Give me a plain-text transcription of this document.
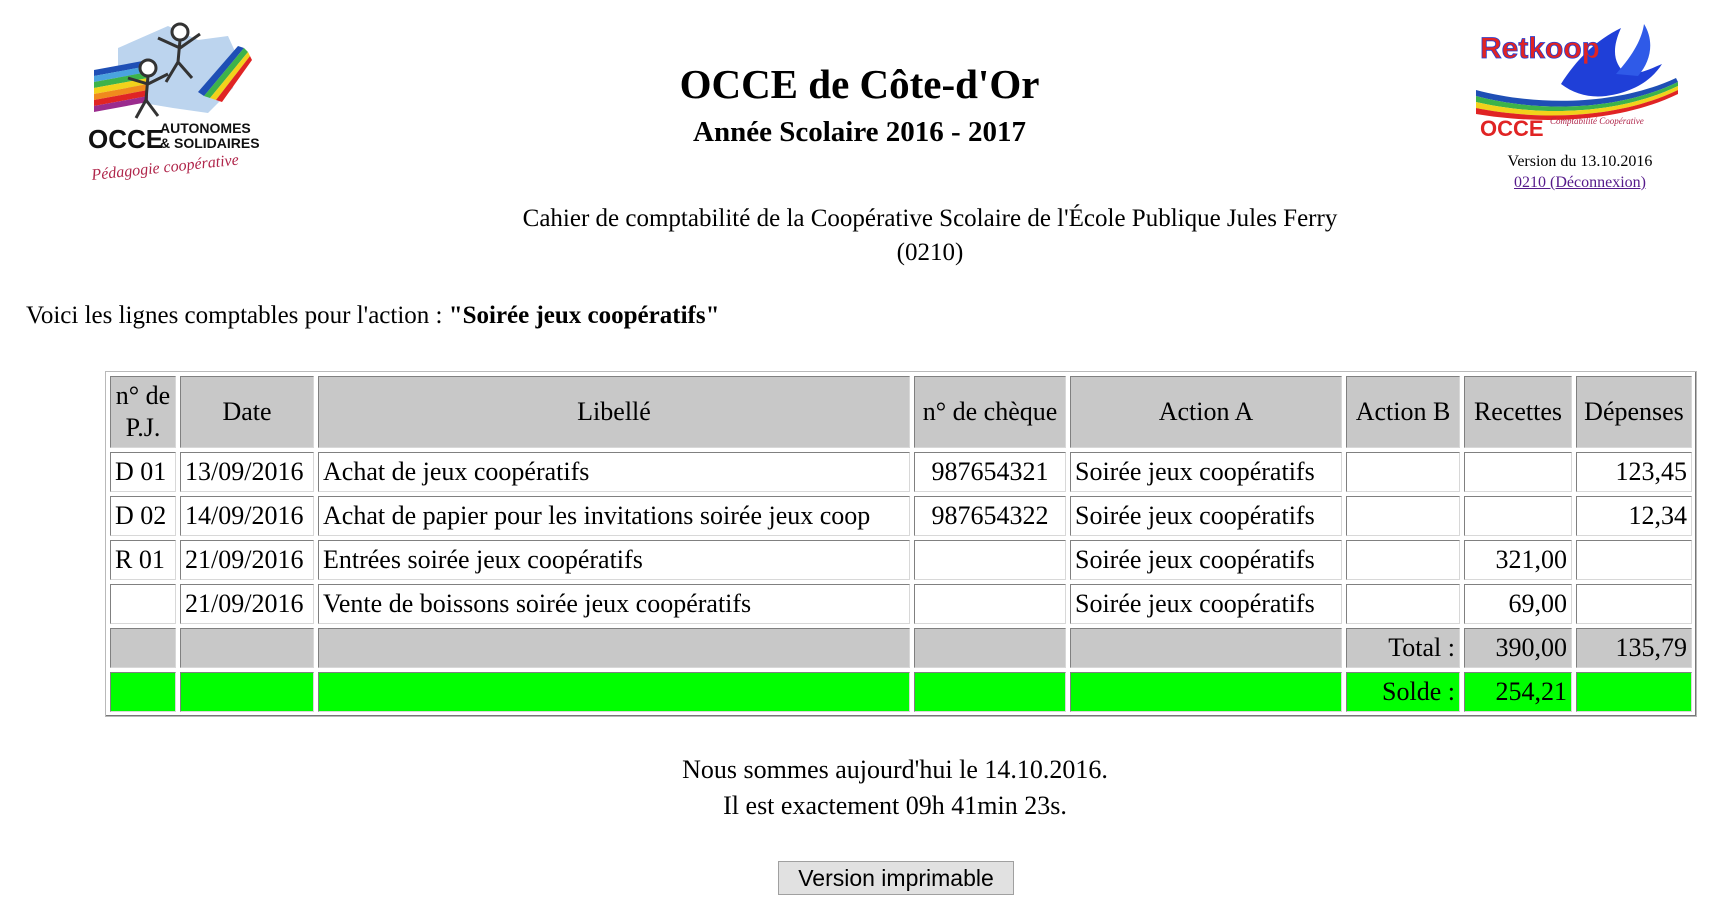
OCCE
AUTONOMES
& SOLIDAIRES
Pédagogie coopérative
OCCE de Côte-d'Or
Année Scolaire 2016 - 2017
Retkoop
OCCE Comptabilité Coopérative
Version du 13.10.2016
0210 (Déconnexion)
Cahier de comptabilité de la Coopérative Scolaire de l'École Publique Jules Ferry
(0210)
Voici les lignes comptables pour l'action : "Soirée jeux coopératifs"
n° de
P.J.	Date	Libellé	n° de chèque	Action A	Action B	Recettes	Dépenses
D 01	13/09/2016	Achat de jeux coopératifs	987654321	Soirée jeux coopératifs			123,45
D 02	14/09/2016	Achat de papier pour les invitations soirée jeux coop	987654322	Soirée jeux coopératifs			12,34
R 01	21/09/2016	Entrées soirée jeux coopératifs		Soirée jeux coopératifs		321,00	
	21/09/2016	Vente de boissons soirée jeux coopératifs		Soirée jeux coopératifs		69,00	
					Total :	390,00	135,79
					Solde :	254,21	
Nous sommes aujourd'hui le 14.10.2016.
Il est exactement 09h 41min 23s.
Version imprimable
